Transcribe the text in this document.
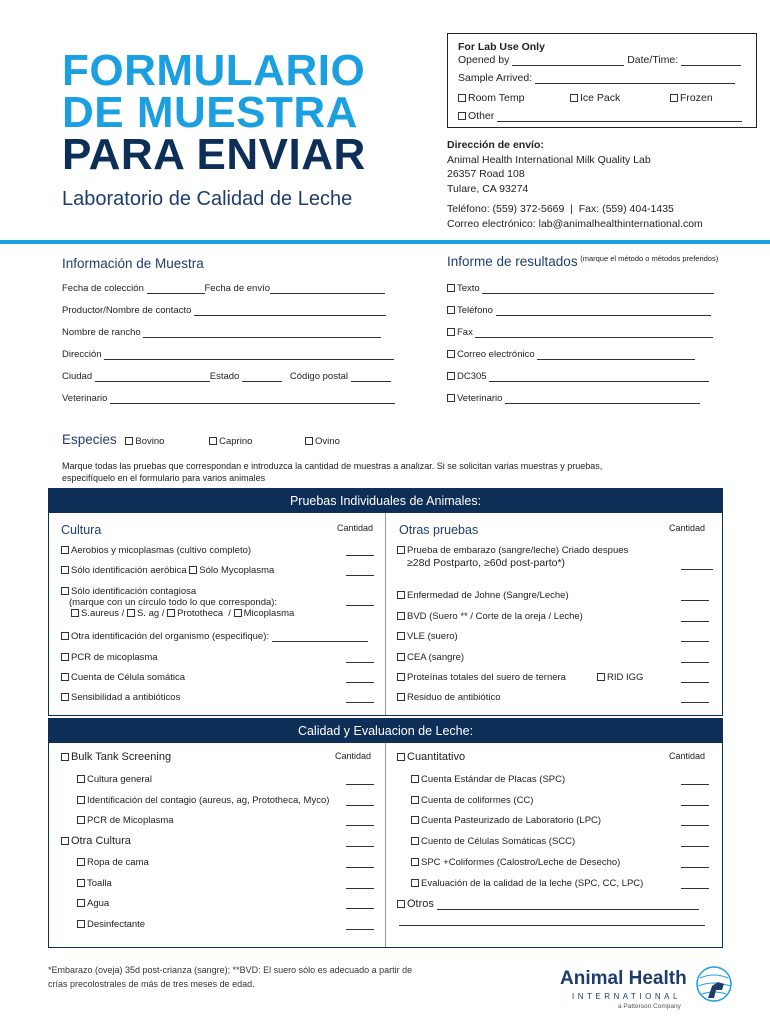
FORMULARIO
DE MUESTRA
PARA ENVIAR
Laboratorio de Calidad de Leche
For Lab Use Only
Opened by	Date/Time:
Sample Arrived:
Room Temp	Ice Pack	Frozen
Other
Dirección de envío:
Animal Health International Milk Quality Lab
26357 Road 108
Tulare, CA 93274
Teléfono: (559) 372-5669  |  Fax: (559) 404-1435
Correo electrónico: lab@animalhealthinternational.com
Información de Muestra
Fecha de colección	Fecha de envío
Productor/Nombre de contacto
Nombre de rancho
Dirección
Ciudad	Estado	Código postal
Veterinario
Informe de resultados $^{(marque el método o métodos preferidos)}$
Texto
Teléfono
Fax
Correo electrónico
DC305
Veterinario
Especies Bovino	Caprino	Ovino
Marque todas las pruebas que correspondan e introduzca la cantidad de muestras a analizar. Si se solicitan varias muestras y pruebas,
especifíquelo en el formulario para varios animales
Pruebas Individuales de Animales:
Cultura	Cantidad Otras pruebas	Cantidad
Aerobios y micoplasmas (cultivo completo)
Sólo identificación aeróbica Sólo Mycoplasma
Sólo identificación contagiosa
(marque con un círculo todo lo que corresponda):
S.aureus / S. ag / Prototheca  / Micoplasma
Otra identificación del organismo (especifique):
PCR de micoplasma
Cuenta de Célula somática
Sensibilidad a antibióticos
Prueba de embarazo (sangre/leche) Criado despues
≥28d Postparto, ≥60d post-parto*)
Enfermedad de Johne (Sangre/Leche)
BVD (Suero ** / Corte de la oreja / Leche)
VLE (suero)
CEA (sangre)
Proteínas totales del suero de ternera	RID IGG
Residuo de antibiótico
Calidad y Evaluacion de Leche:
Bulk Tank Screening	Cantidad	Cuantitativo	Cantidad
Cultura general
Identificación del contagio (aureus, ag, Prototheca, Myco)
PCR de Micoplasma
Otra Cultura
Ropa de cama
Toalla
Agua
Desinfectante
Cuenta Estándar de Placas (SPC)
Cuenta de coliformes (CC)
Cuenta Pasteurizado de Laboratorio (LPC)
Cuento de Células Somáticas (SCC)
SPC +Coliformes (Calostro/Leche de Desecho)
Evaluación de la calidad de la leche (SPC, CC, LPC)
Otros
*Embarazo (oveja) 35d post-crianza (sangre); **BVD: El suero sólo es adecuado a partir de
crías precolostrales de más de tres meses de edad.	Animal Health
INTERNATIONAL
a Patterson Company
